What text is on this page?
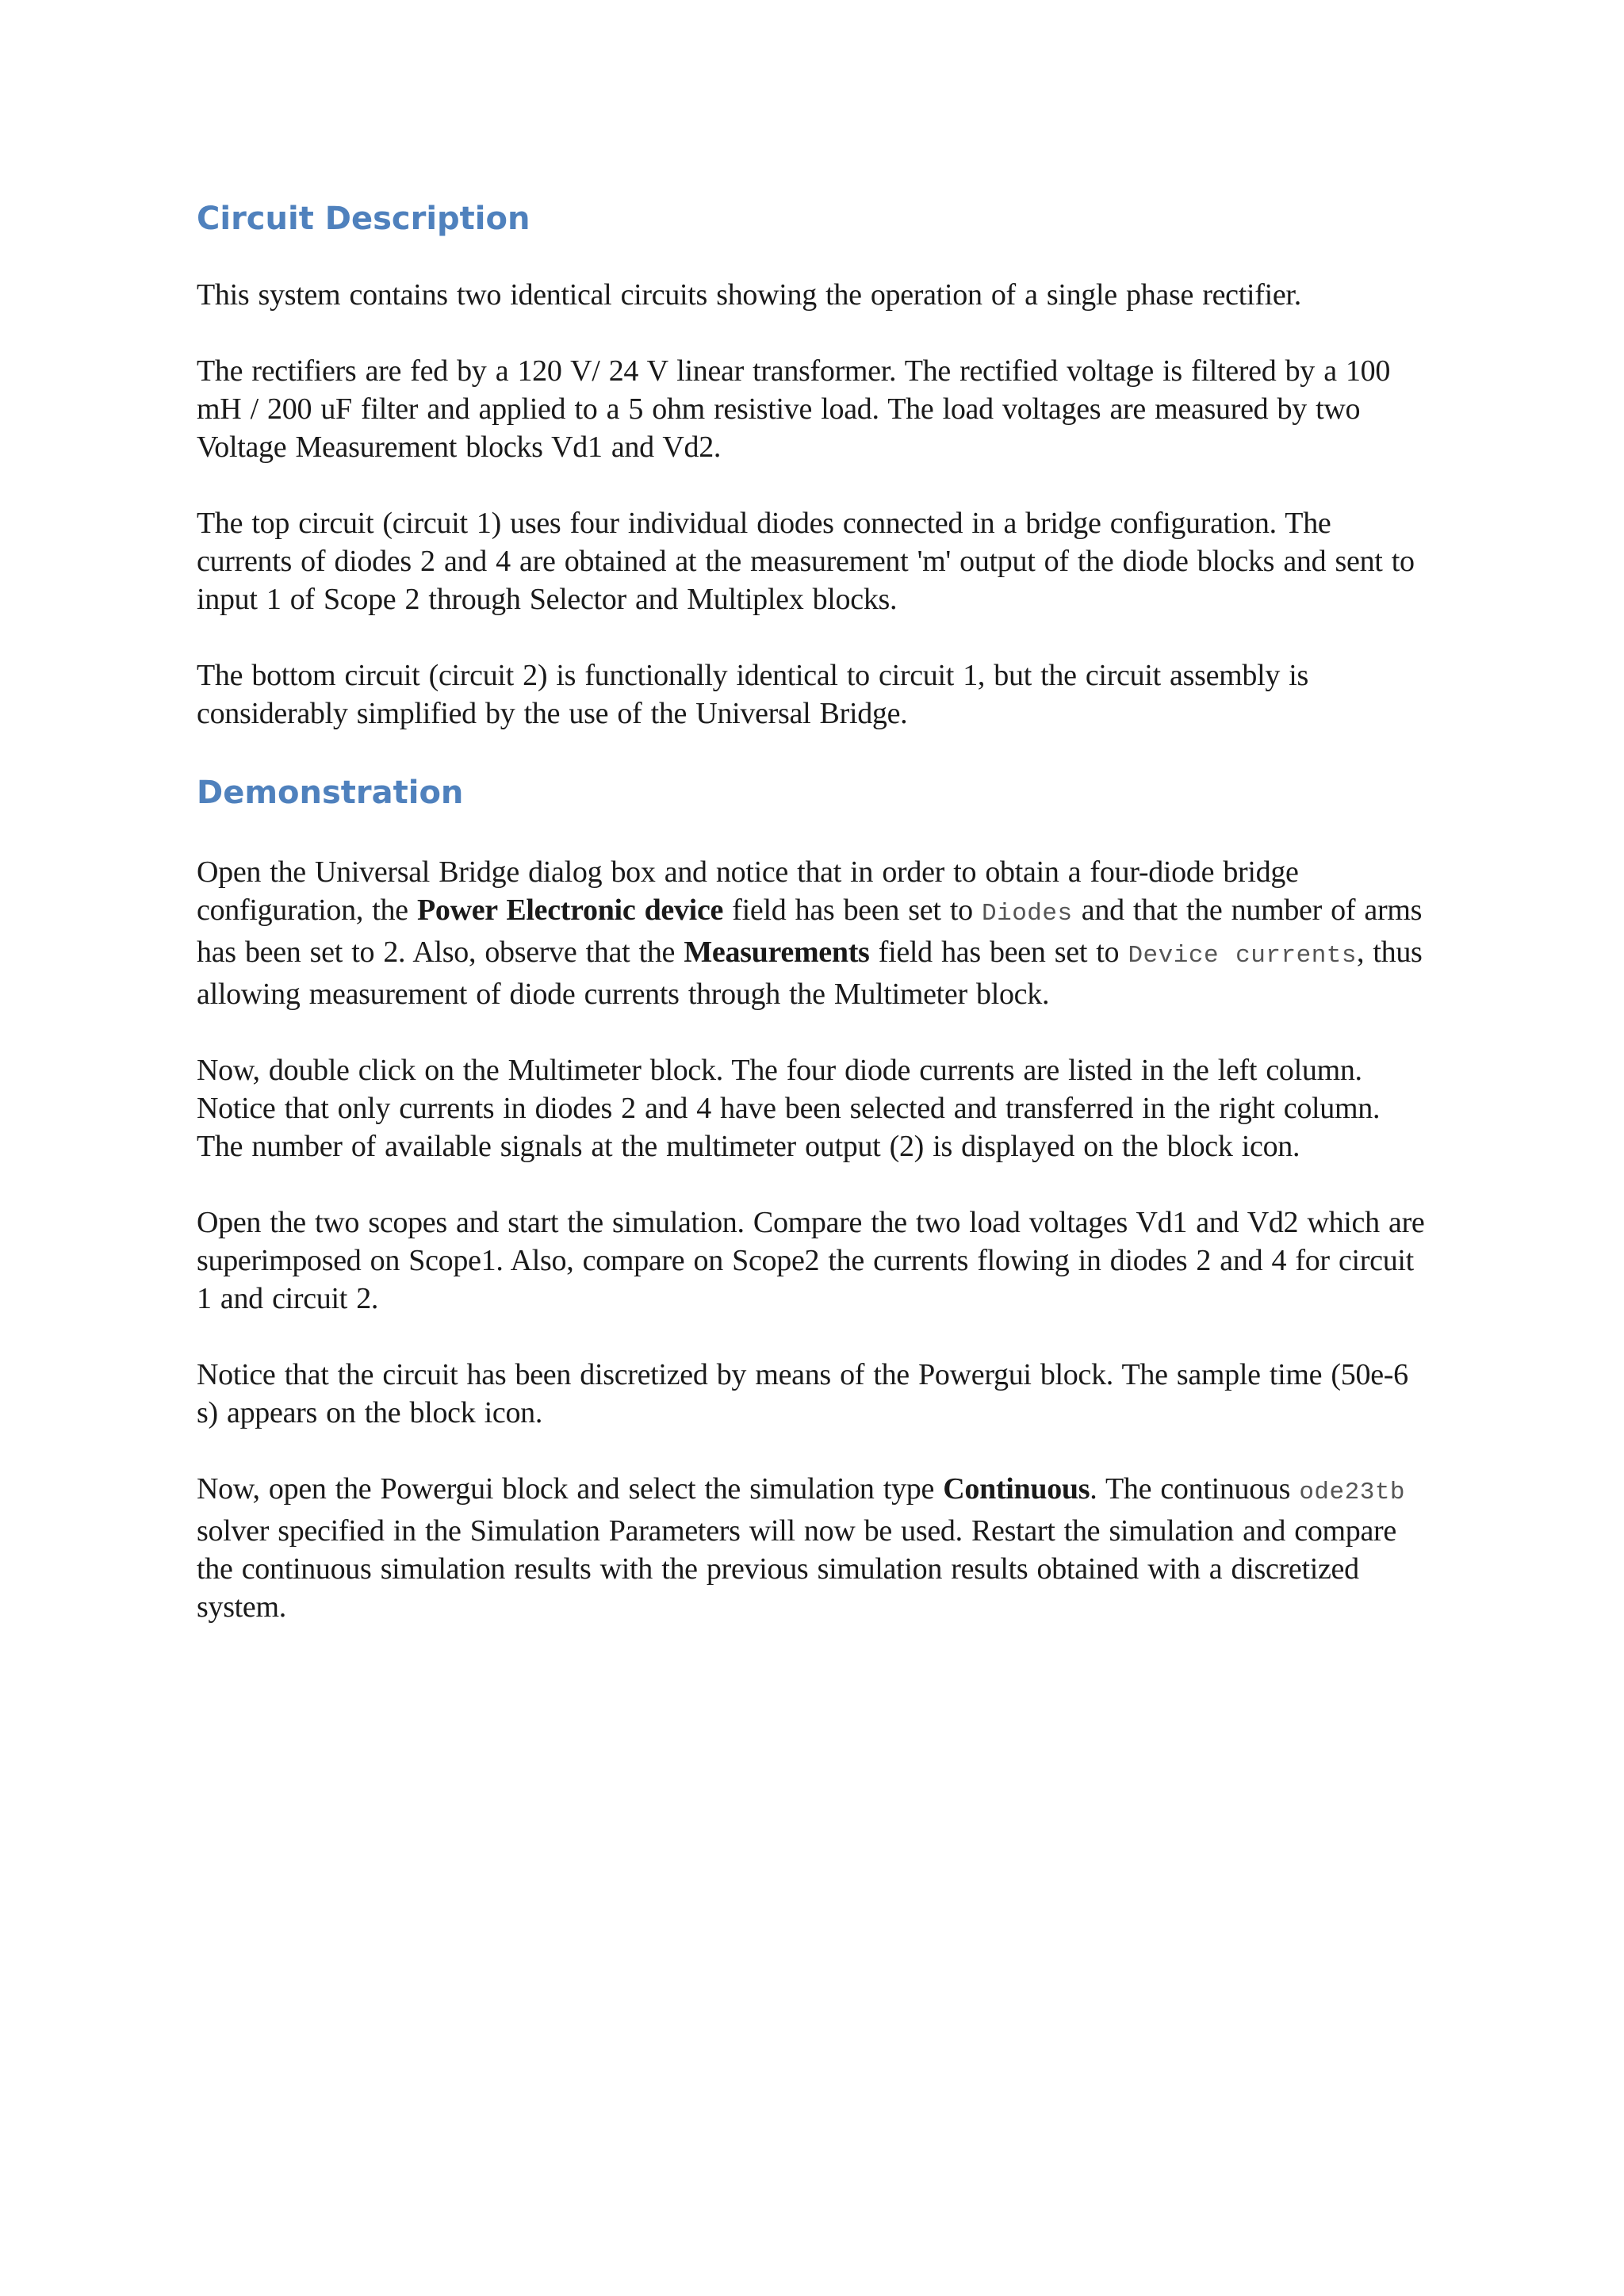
Circuit Description

This system contains two identical circuits showing the operation of a single phase rectifier.

The rectifiers are fed by a 120 V/ 24 V linear transformer. The rectified voltage is filtered by a 100 mH / 200 uF filter and applied to a 5 ohm resistive load. The load voltages are measured by two Voltage Measurement blocks Vd1 and Vd2.

The top circuit (circuit 1) uses four individual diodes connected in a bridge configuration. The currents of diodes 2 and 4 are obtained at the measurement 'm' output of the diode blocks and sent to input 1 of Scope 2 through Selector and Multiplex blocks.

The bottom circuit (circuit 2) is functionally identical to circuit 1, but the circuit assembly is considerably simplified by the use of the Universal Bridge.

Demonstration

Open the Universal Bridge dialog box and notice that in order to obtain a four-diode bridge configuration, the Power Electronic device field has been set to Diodes and that the number of arms has been set to 2. Also, observe that the Measurements field has been set to Device currents, thus allowing measurement of diode currents through the Multimeter block.

Now, double click on the Multimeter block. The four diode currents are listed in the left column. Notice that only currents in diodes 2 and 4 have been selected and transferred in the right column. The number of available signals at the multimeter output (2) is displayed on the block icon.

Open the two scopes and start the simulation. Compare the two load voltages Vd1 and Vd2 which are superimposed on Scope1. Also, compare on Scope2 the currents flowing in diodes 2 and 4 for circuit 1 and circuit 2.

Notice that the circuit has been discretized by means of the Powergui block. The sample time (50e-6 s) appears on the block icon.

Now, open the Powergui block and select the simulation type Continuous. The continuous ode23tb solver specified in the Simulation Parameters will now be used. Restart the simulation and compare the continuous simulation results with the previous simulation results obtained with a discretized system.
